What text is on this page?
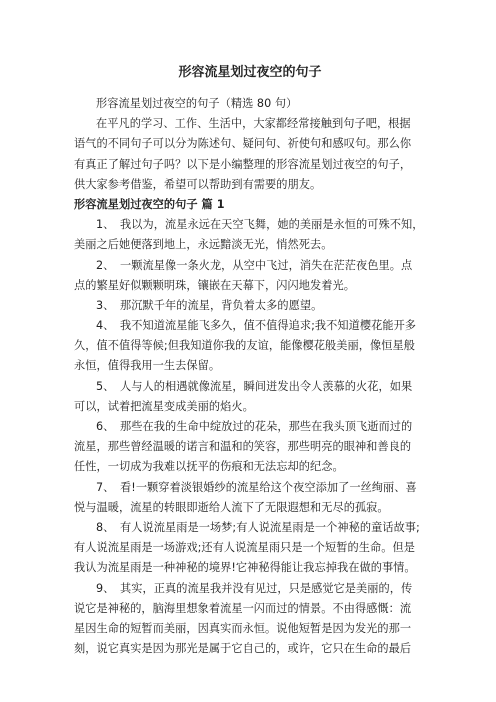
形容流星划过夜空的句子
形容流星划过夜空的句子（精选 80 句）
在平凡的学习、工作、生活中，大家都经常接触到句子吧，根据
语气的不同句子可以分为陈述句、疑问句、祈使句和感叹句。那么你
有真正了解过句子吗？以下是小编整理的形容流星划过夜空的句子，
供大家参考借鉴，希望可以帮助到有需要的朋友。
形容流星划过夜空的句子 篇 1
1、　我以为，流星永远在天空飞舞，她的美丽是永恒的可殊不知，
美丽之后她便落到地上，永远黯淡无光，悄然死去。
2、　一颗流星像一条火龙，从空中飞过，消失在茫茫夜色里。点
点的繁星好似颗颗明珠，镶嵌在天幕下，闪闪地发着光。
3、　那沉默千年的流星，背负着太多的愿望。
4、　我不知道流星能飞多久，值不值得追求;我不知道樱花能开多
久，值不值得等候;但我知道你我的友谊，能像樱花般美丽，像恒星般
永恒，值得我用一生去保留。
5、　人与人的相遇就像流星，瞬间迸发出令人羡慕的火花，如果
可以，试着把流星变成美丽的焰火。
6、　那些在我的生命中绽放过的花朵，那些在我头顶飞逝而过的
流星，那些曾经温暖的诺言和温和的笑容，那些明亮的眼神和善良的
任性，一切成为我难以抚平的伤痕和无法忘却的纪念。
7、　看!一颗穿着淡银婚纱的流星给这个夜空添加了一丝绚丽、喜
悦与温暖，流星的转眼即逝给人流下了无限遐想和无尽的孤寂。
8、　有人说流星雨是一场梦;有人说流星雨是一个神秘的童话故事;
有人说流星雨是一场游戏;还有人说流星雨只是一个短暂的生命。但是
我认为流星雨是一种神秘的境界!它神秘得能让我忘掉我在做的事情。
9、　其实，正真的流星我并没有见过，只是感觉它是美丽的，传
说它是神秘的，脑海里想象着流星一闪而过的情景。不由得感慨：流
星因生命的短暂而美丽，因真实而永恒。说他短暂是因为发光的那一
刻，说它真实是因为那光是属于它自己的，或许，它只在生命的最后
